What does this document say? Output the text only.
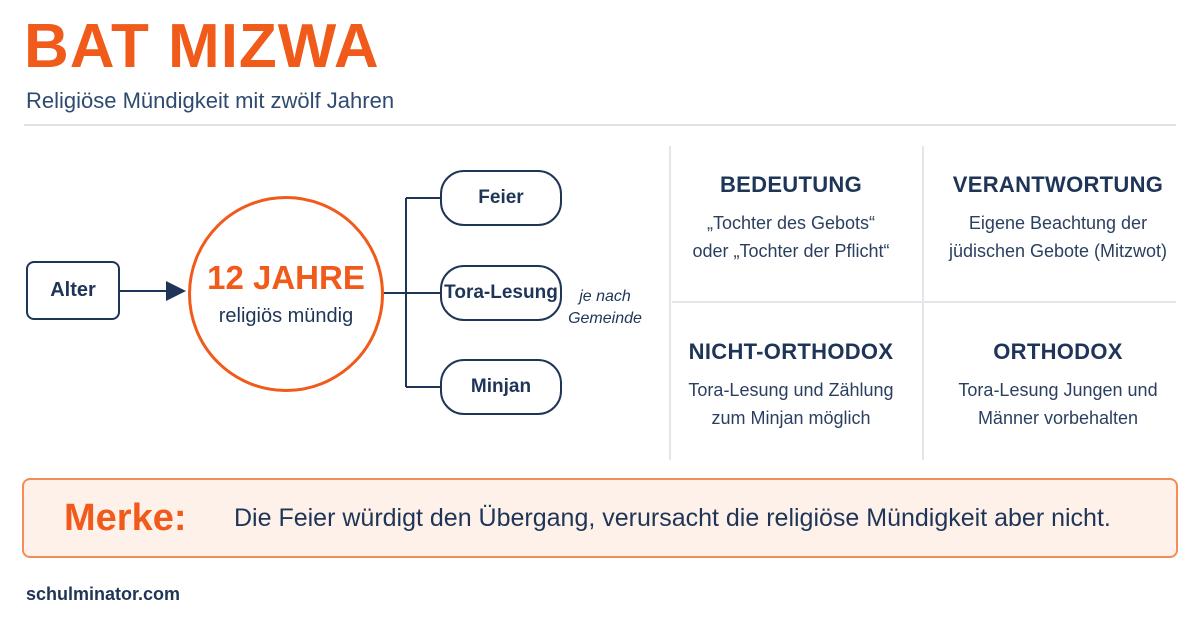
BAT MIZWA
Religiöse Mündigkeit mit zwölf Jahren
Alter	12 JAHRE
religiös mündig
Feier
Tora-Lesung
Minjan
je nach
Gemeinde
BEDEUTUNG

„Tochter des Gebots“
oder „Tochter der Pflicht“

VERANTWORTUNG

Eigene Beachtung der
jüdischen Gebote (Mitzwot)

NICHT-ORTHODOX

Tora-Lesung und Zählung
zum Minjan möglich

ORTHODOX

Tora-Lesung Jungen und
Männer vorbehalten

Merke:	Die Feier würdigt den Übergang, verursacht die religiöse Mündigkeit aber nicht.
schulminator.com
